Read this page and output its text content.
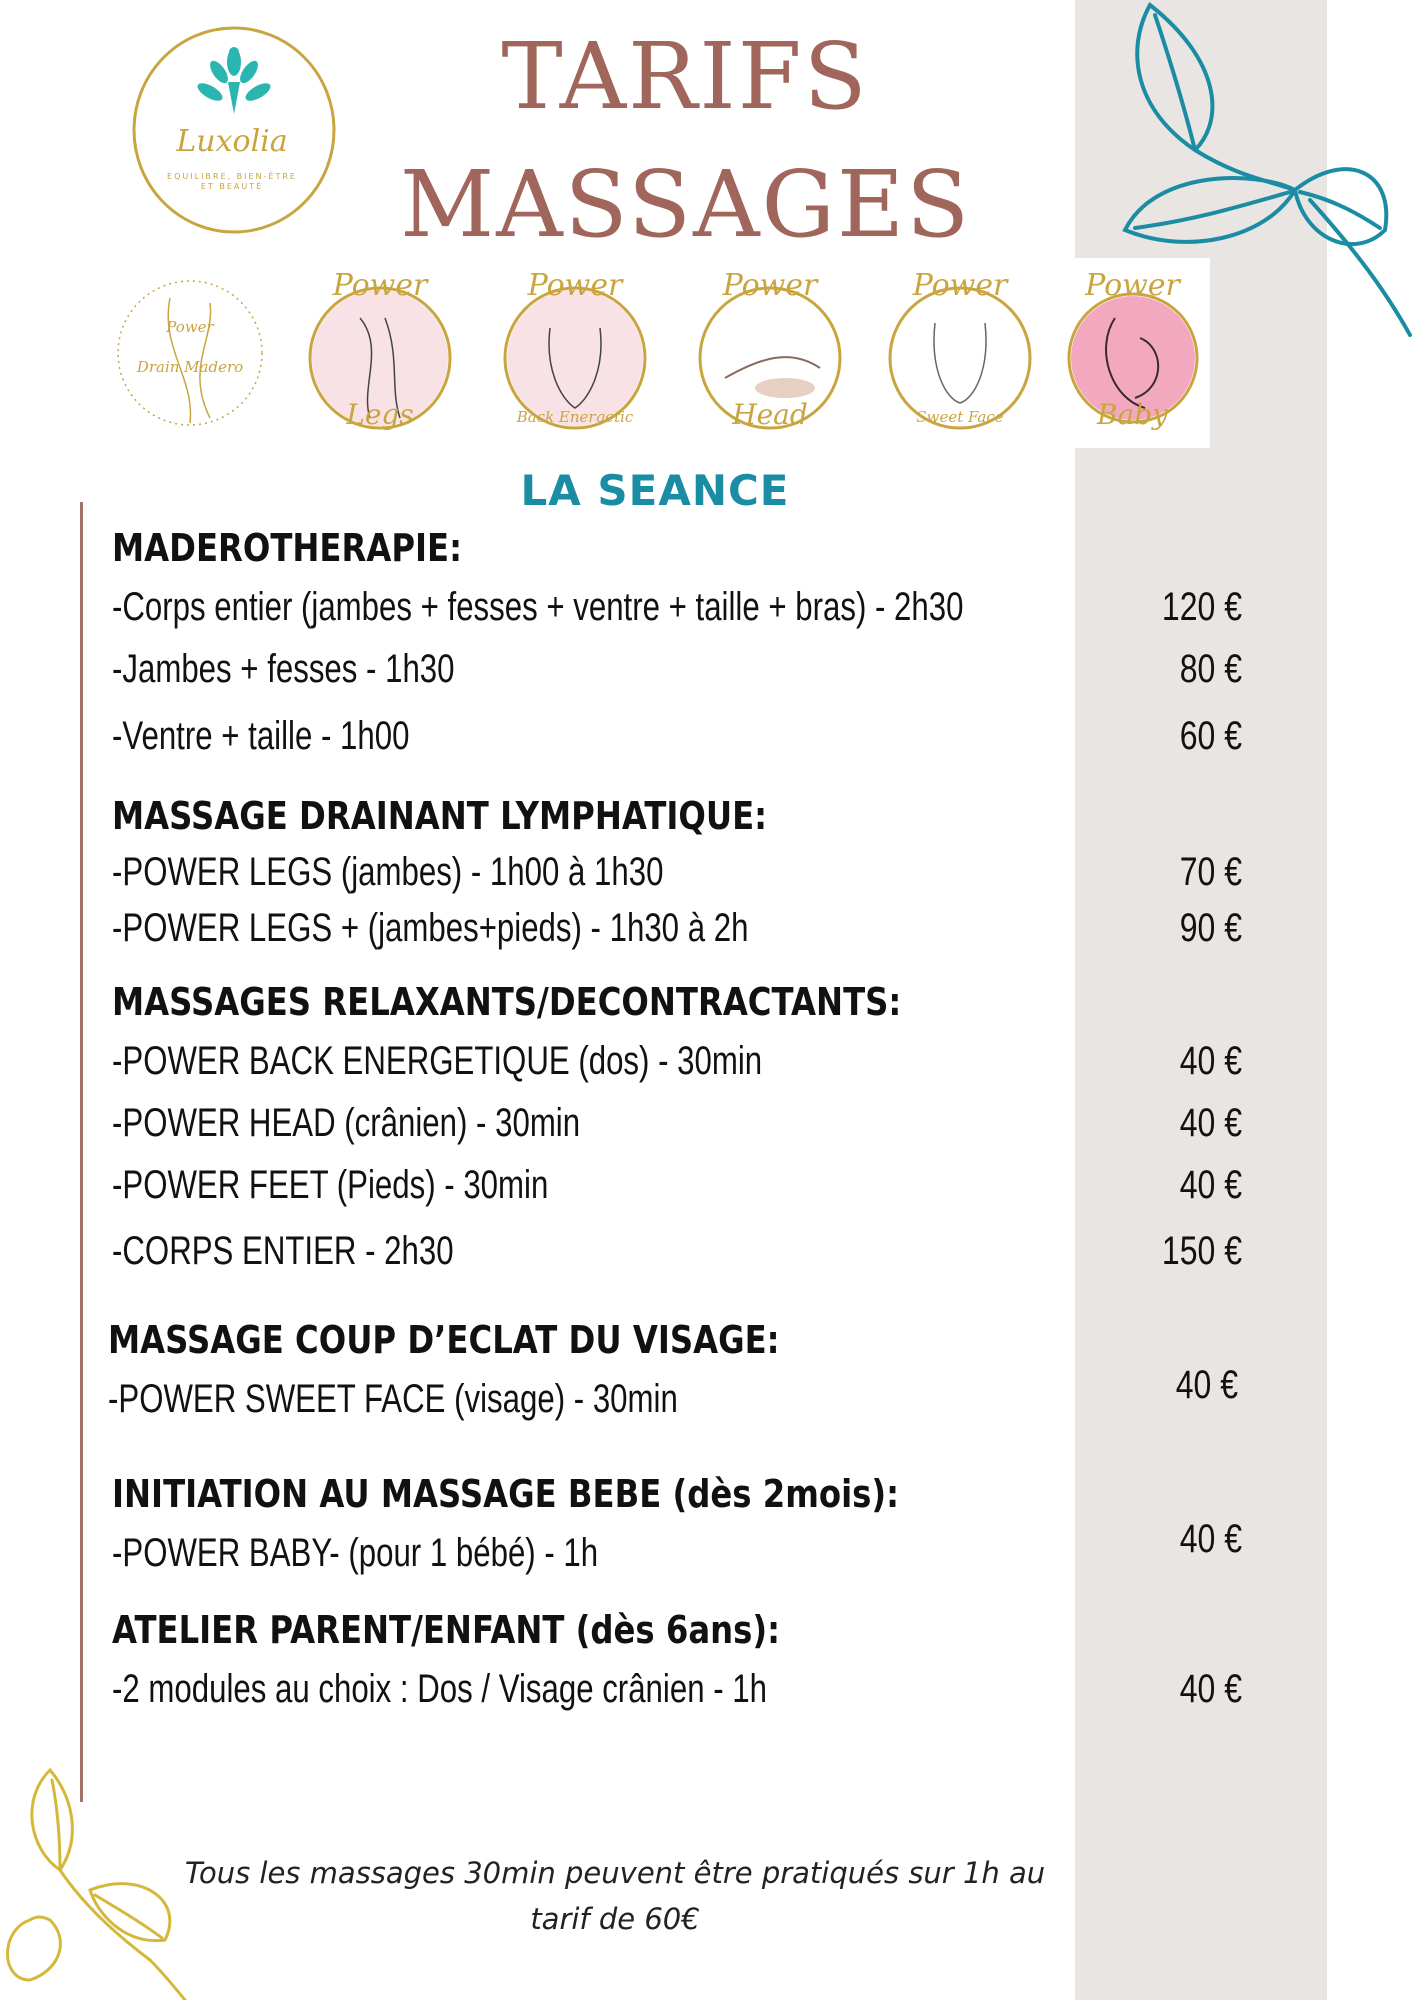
Luxolia
EQUILIBRE, BIEN-ÊTRE ET BEAUTÉ
TARIFS
MASSAGES
Power
Drain Madero
Power
Legs
Power
Back Energetic
Power
Head
Power
Sweet Face
Power
Baby
LA SEANCE
MADEROTHERAPIE:
-Corps entier (jambes + fesses + ventre + taille + bras) - 2h30	120 €
-Jambes + fesses - 1h30	80 €
-Ventre + taille - 1h00	60 €
MASSAGE DRAINANT LYMPHATIQUE:
-POWER LEGS (jambes) - 1h00 à 1h30	70 €
-POWER LEGS + (jambes+pieds) - 1h30 à 2h	90 €
MASSAGES RELAXANTS/DECONTRACTANTS:
-POWER BACK ENERGETIQUE (dos) - 30min	40 €
-POWER HEAD (crânien) - 30min	40 €
-POWER FEET (Pieds) - 30min	40 €
-CORPS ENTIER - 2h30	150 €
MASSAGE COUP D’ECLAT DU VISAGE:
-POWER SWEET FACE (visage) - 30min	40 €
INITIATION AU MASSAGE BEBE (dès 2mois):
-POWER BABY- (pour 1 bébé) - 1h	40 €
ATELIER PARENT/ENFANT (dès 6ans):
-2 modules au choix : Dos / Visage crânien - 1h	40 €
Tous les massages 30min peuvent être pratiqués sur 1h au
tarif de 60€
